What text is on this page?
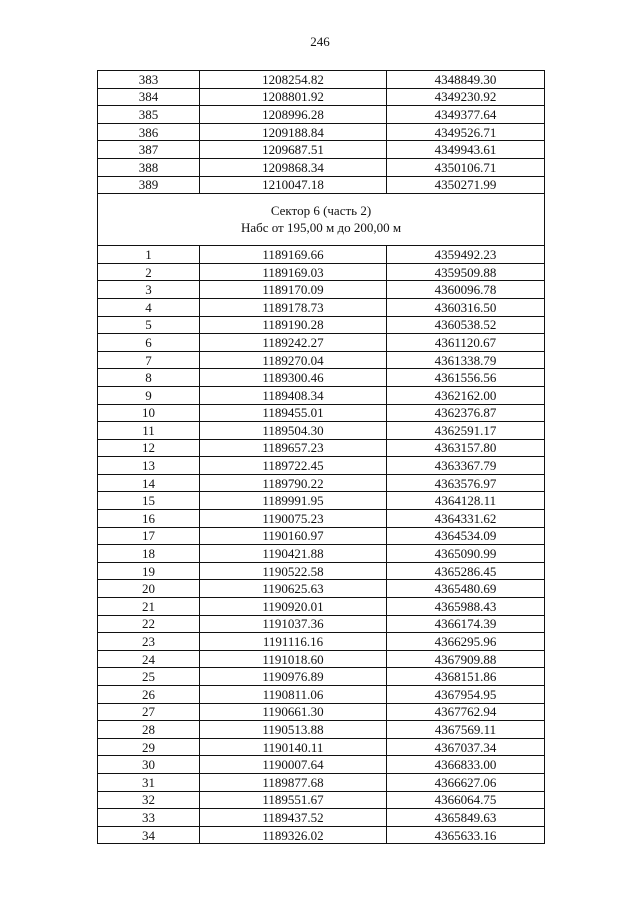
246
383	1208254.82	4348849.30
384	1208801.92	4349230.92
385	1208996.28	4349377.64
386	1209188.84	4349526.71
387	1209687.51	4349943.61
388	1209868.34	4350106.71
389	1210047.18	4350271.99

Сектор 6 (часть 2)
Набс от 195,00 м до 200,00 м		

1	1189169.66	4359492.23
2	1189169.03	4359509.88
3	1189170.09	4360096.78
4	1189178.73	4360316.50
5	1189190.28	4360538.52
6	1189242.27	4361120.67
7	1189270.04	4361338.79
8	1189300.46	4361556.56
9	1189408.34	4362162.00
10	1189455.01	4362376.87
11	1189504.30	4362591.17
12	1189657.23	4363157.80
13	1189722.45	4363367.79
14	1189790.22	4363576.97
15	1189991.95	4364128.11
16	1190075.23	4364331.62
17	1190160.97	4364534.09
18	1190421.88	4365090.99
19	1190522.58	4365286.45
20	1190625.63	4365480.69
21	1190920.01	4365988.43
22	1191037.36	4366174.39
23	1191116.16	4366295.96
24	1191018.60	4367909.88
25	1190976.89	4368151.86
26	1190811.06	4367954.95
27	1190661.30	4367762.94
28	1190513.88	4367569.11
29	1190140.11	4367037.34
30	1190007.64	4366833.00
31	1189877.68	4366627.06
32	1189551.67	4366064.75
33	1189437.52	4365849.63
34	1189326.02	4365633.16
